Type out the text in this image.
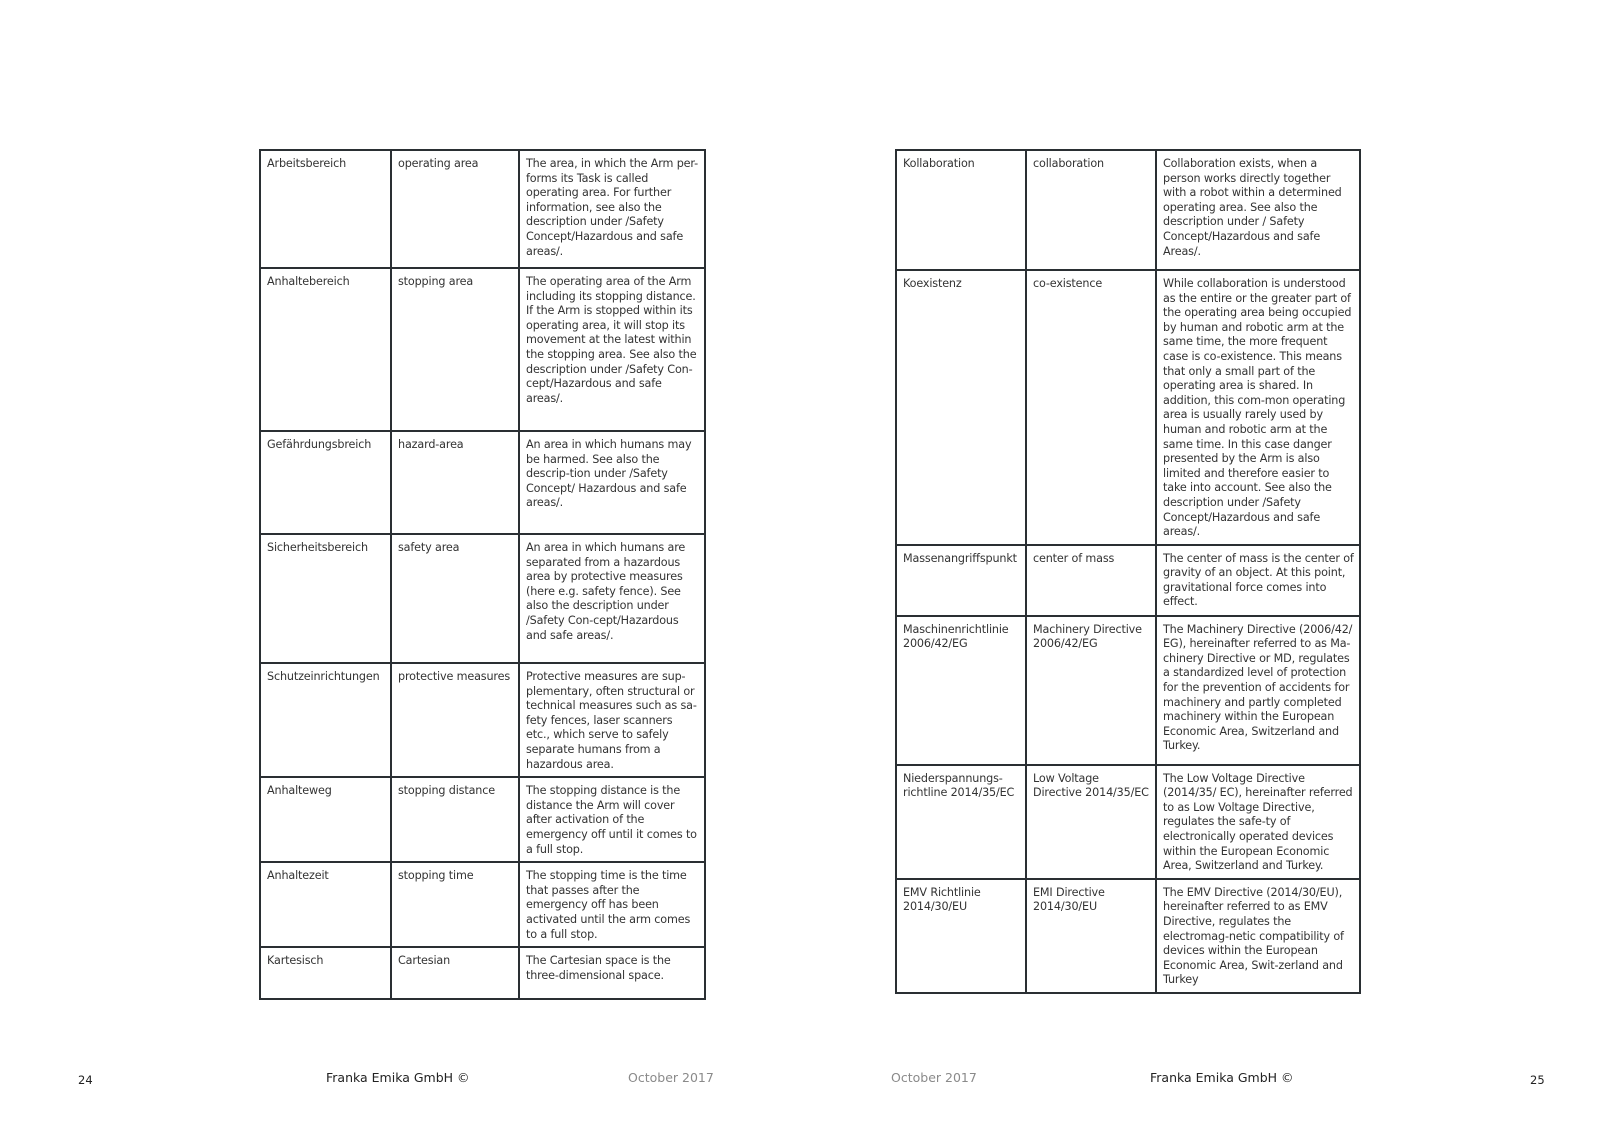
Arbeitsbereich	operating area	The area, in which the Arm per-forms its Task is called operating area. For further information, see also the description under /Safety Concept/Hazardous and safe areas/.
Anhaltebereich	stopping area	The operating area of the Arm including its stopping distance. If the Arm is stopped within its operating area, it will stop its movement at the latest within the stopping area. See also the description under /Safety Con-cept/Hazardous and safe areas/.
Gefährdungsbreich	hazard-area	An area in which humans may be harmed. See also the descrip-tion under /Safety Concept/ Hazardous and safe areas/.
Sicherheitsbereich	safety area	An area in which humans are separated from a hazardous area by protective measures (here e.g. safety fence). See also the description under /Safety Con-cept/Hazardous and safe areas/.
Schutzeinrichtungen	protective measures	Protective measures are sup-plementary, often structural or technical measures such as sa-fety fences, laser scanners etc., which serve to safely separate humans from a hazardous area.
Anhalteweg	stopping distance	The stopping distance is the distance the Arm will cover after activation of the emergency off until it comes to a full stop.
Anhaltezeit	stopping time	The stopping time is the time that passes after the emergency off has been activated until the arm comes to a full stop.
Kartesisch	Cartesian	The Cartesian space is the three-dimensional space.
Kollaboration	collaboration	Collaboration exists, when a person works directly together with a robot within a determined operating area. See also the description under / Safety Concept/Hazardous and safe Areas/.
Koexistenz	co-existence	While collaboration is understood as the entire or the greater part of the operating area being occupied by human and robotic arm at the same time, the more frequent case is co-existence. This means that only a small part of the operating area is shared. In addition, this com-mon operating area is usually rarely used by human and robotic arm at the same time. In this case danger presented by the Arm is also limited and therefore easier to take into account. See also the description under /Safety Concept/Hazardous and safe areas/.
Massenangriffspunkt	center of mass	The center of mass is the center of gravity of an object. At this point, gravitational force comes into effect.
Maschinenrichtlinie 2006/42/EG	Machinery Directive 2006/42/EG	The Machinery Directive (2006/42/ EG), hereinafter referred to as Ma-chinery Directive or MD, regulates a standardized level of protection for the prevention of accidents for machinery and partly completed machinery within the European Economic Area, Switzerland and Turkey.
Niederspannungs-richtline 2014/35/EC	Low Voltage Directive 2014/35/EC	The Low Voltage Directive (2014/35/ EC), hereinafter referred to as Low Voltage Directive, regulates the safe-ty of electronically operated devices within the European Economic Area, Switzerland and Turkey.
EMV Richtlinie 2014/30/EU	EMI Directive 2014/30/EU	The EMV Directive (2014/30/EU), hereinafter referred to as EMV Directive, regulates the electromag-netic compatibility of devices within the European Economic Area, Swit-zerland and Turkey
24	Franka Emika GmbH ©	October 2017	October 2017	Franka Emika GmbH ©	25
